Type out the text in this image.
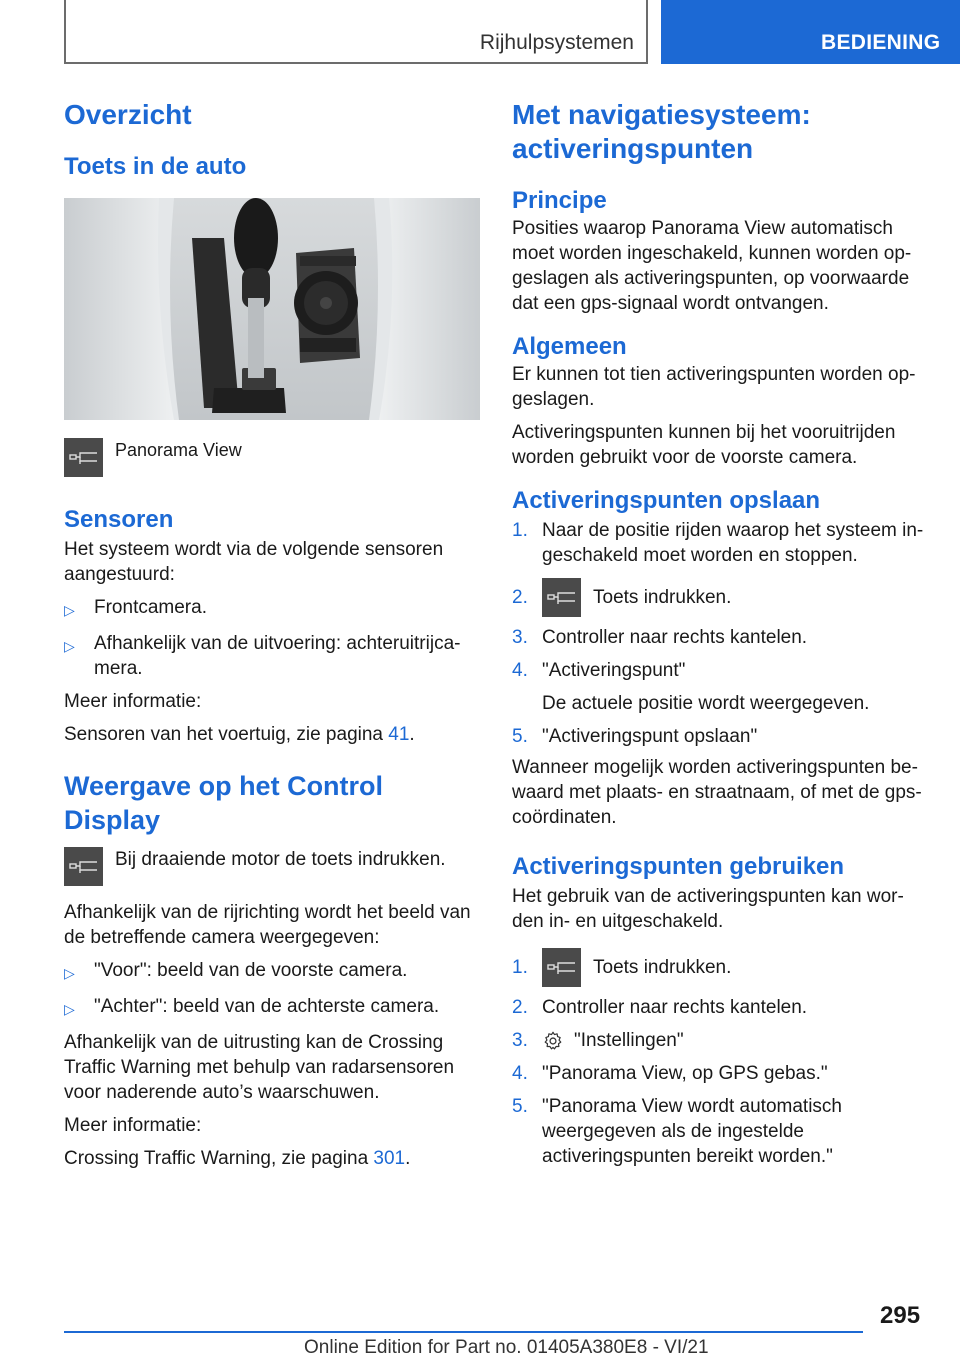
Rijhulpsystemen	BEDIENING
Overzicht
Toets in de auto

Panorama View

Sensoren

Het systeem wordt via de volgende sensoren aangestuurd:

▷	Frontcamera.
▷	Afhankelijk van de uitvoering: achteruitrijca-mera.

Meer informatie:

Sensoren van het voertuig, zie pagina 41.

Weergave op het Control Display

Bij draaiende motor de toets indrukken.

Afhankelijk van de rijrichting wordt het beeld van de betreffende camera weergegeven:

▷	"Voor": beeld van de voorste camera.
▷	"Achter": beeld van de achterste camera.

Afhankelijk van de uitrusting kan de Crossing Traffic Warning met behulp van radarsensoren voor naderende auto’s waarschuwen.

Meer informatie:

Crossing Traffic Warning, zie pagina 301.

Met navigatiesysteem: activeringspunten
Principe

Posities waarop Panorama View automatisch moet worden ingeschakeld, kunnen worden op-geslagen als activeringspunten, op voorwaarde dat een gps-signaal wordt ontvangen.

Algemeen

Er kunnen tot tien activeringspunten worden op-geslagen.

Activeringspunten kunnen bij het vooruitrijden worden gebruikt voor de voorste camera.

Activeringspunten opslaan
1. Naar de positie rijden waarop het systeem in-geschakeld moet worden en stoppen.
2.	Toets indrukken.
3. Controller naar rechts kantelen.
4. "Activeringspunt"

De actuele positie wordt weergegeven.
5. "Activeringspunt opslaan"

Wanneer mogelijk worden activeringspunten be-waard met plaats- en straatnaam, of met de gps-coördinaten.

Activeringspunten gebruiken

Het gebruik van de activeringspunten kan wor-den in- en uitgeschakeld.

1.	Toets indrukken.
2. Controller naar rechts kantelen.
3.	"Instellingen"
4. "Panorama View, op GPS gebas."
5. "Panorama View wordt automatisch weergegeven als de ingestelde activeringspunten bereikt worden."
295
Online Edition for Part no. 01405A380E8 - VI/21
